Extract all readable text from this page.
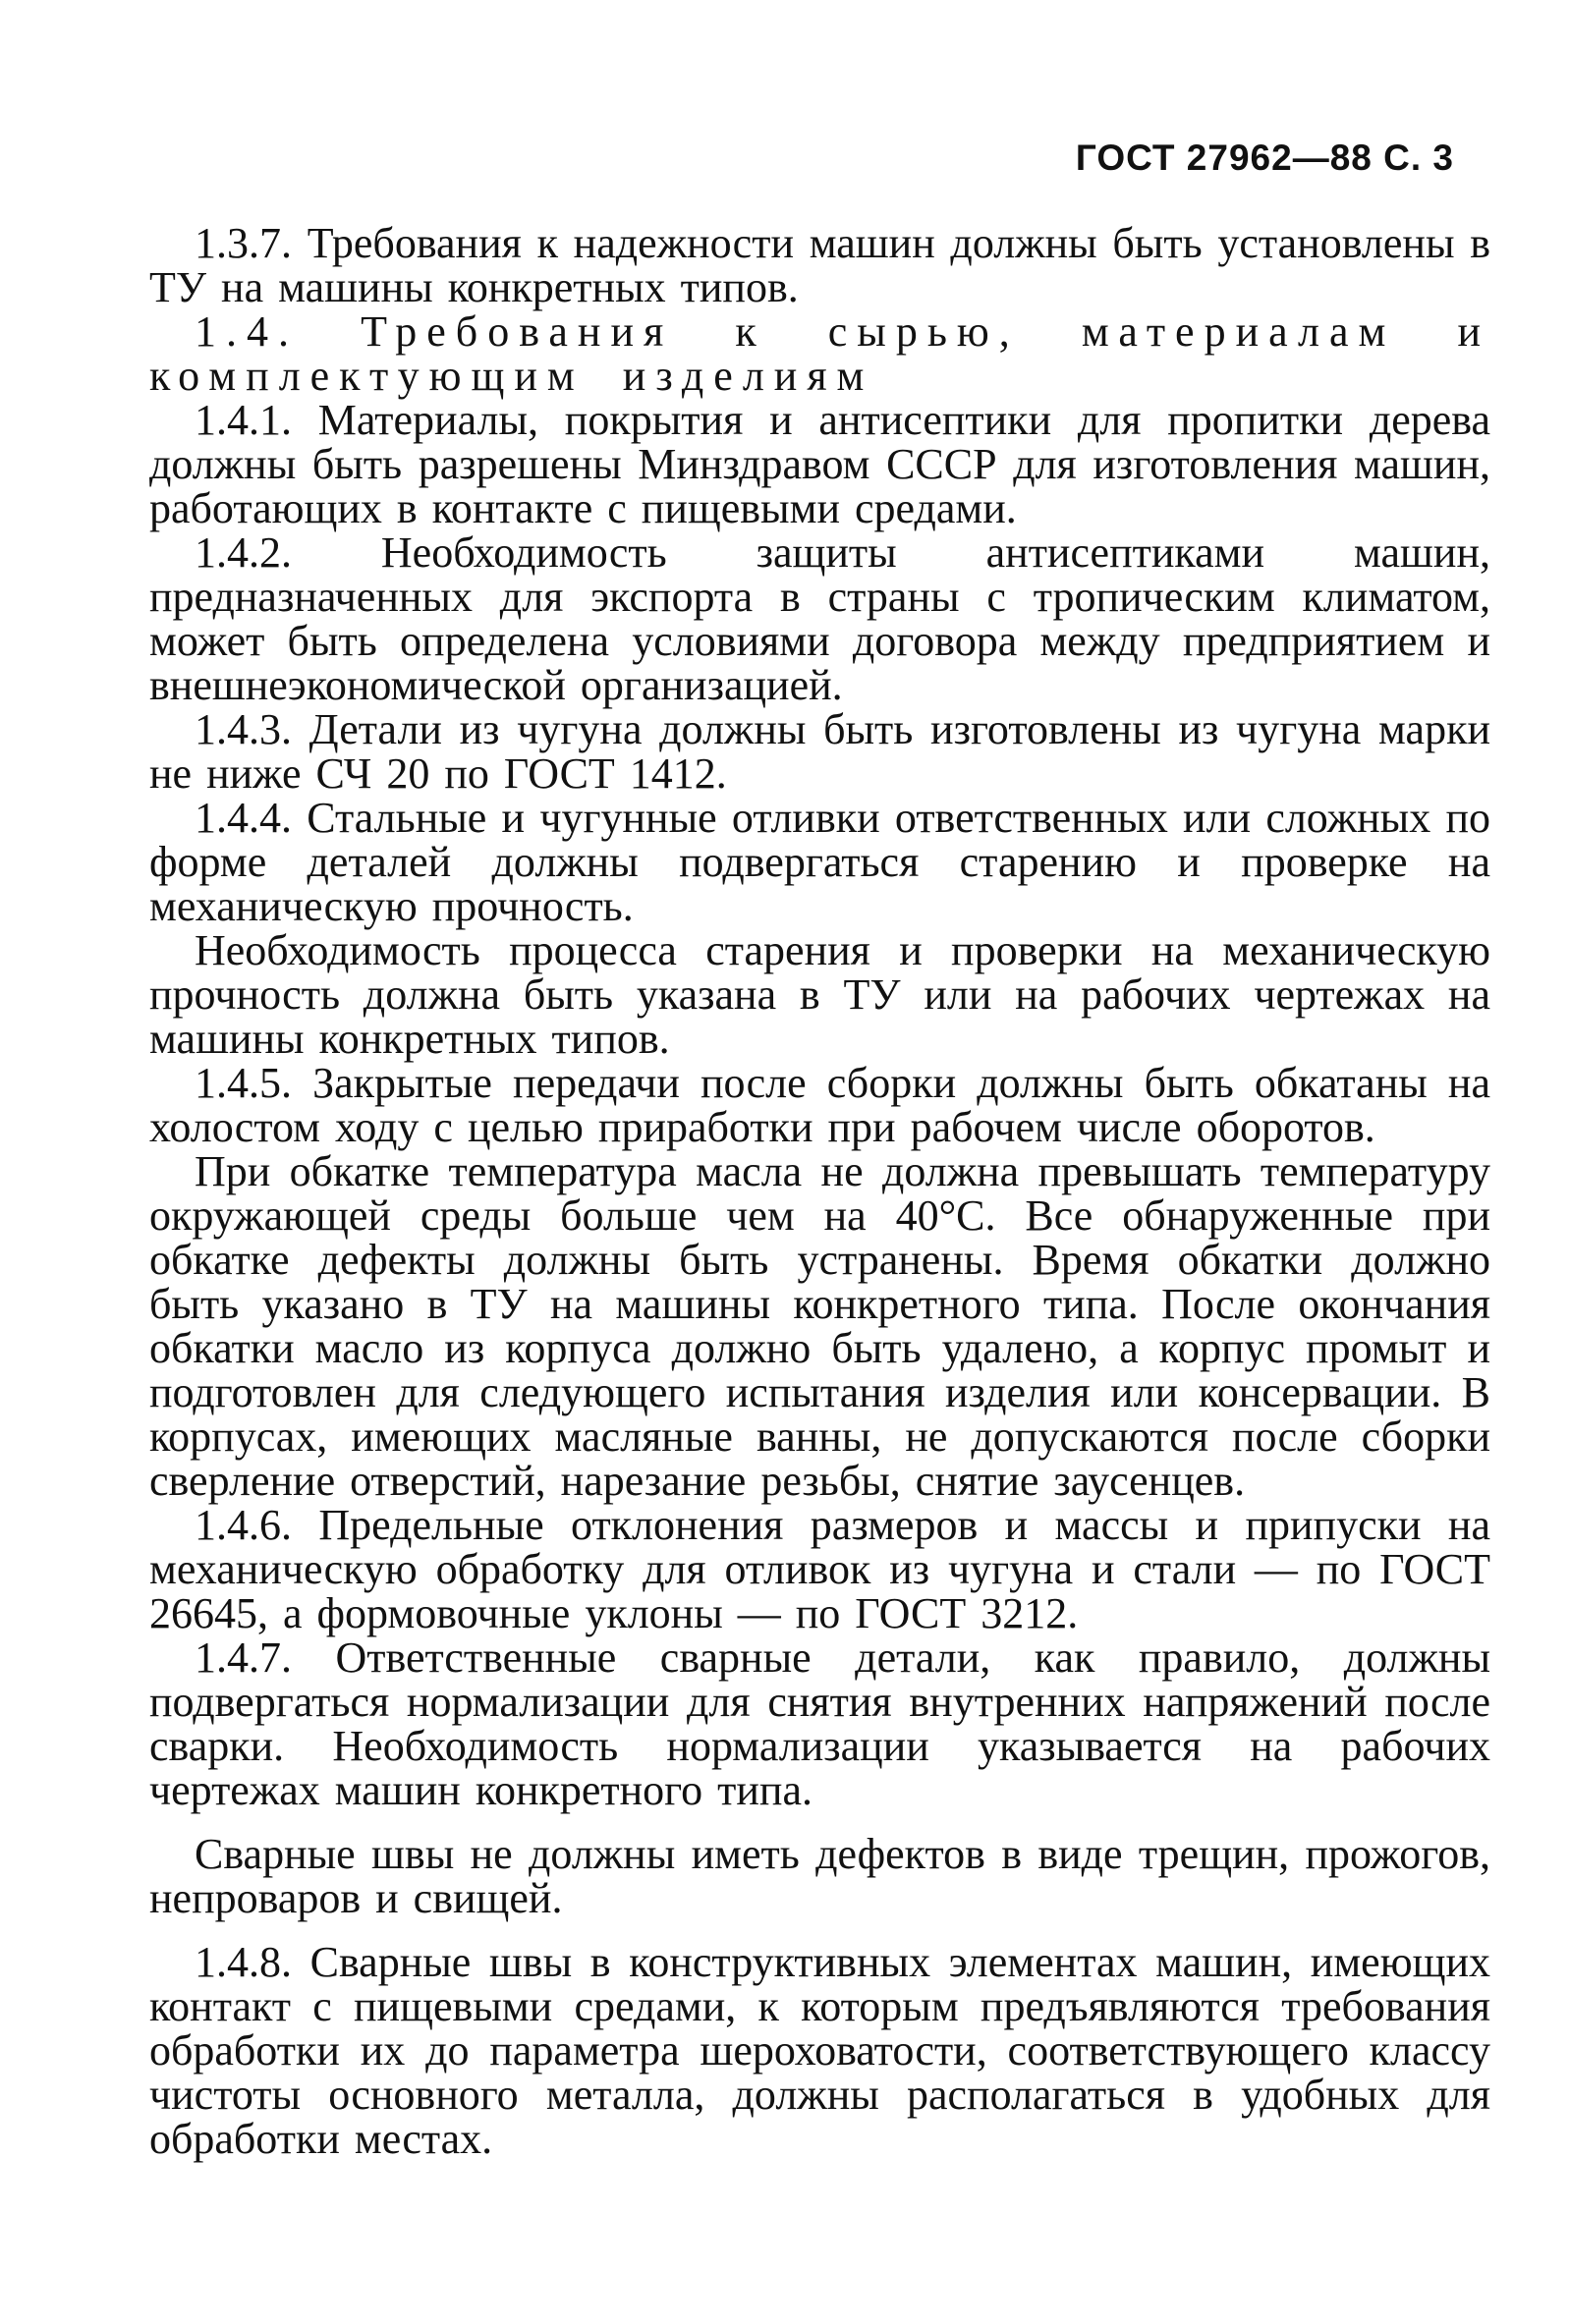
ГОСТ 27962—88 С. 3

1.3.7. Требования к надежности машин должны быть установлены в ТУ на машины конкретных типов.

1.4. Требования к сырью, материалам и комплектующим изделиям

1.4.1. Материалы, покрытия и антисептики для пропитки дерева должны быть разрешены Минздравом СССР для изготовления машин, работающих в контакте с пищевыми средами.

1.4.2. Необходимость защиты антисептиками машин, предназначенных для экспорта в страны с тропическим климатом, может быть определена условиями договора между предприятием и внешнеэкономической организацией.

1.4.3. Детали из чугуна должны быть изготовлены из чугуна марки не ниже СЧ 20 по ГОСТ 1412.

1.4.4. Стальные и чугунные отливки ответственных или сложных по форме деталей должны подвергаться старению и проверке на механическую прочность.

Необходимость процесса старения и проверки на механическую прочность должна быть указана в ТУ или на рабочих чертежах на машины конкретных типов.

1.4.5. Закрытые передачи после сборки должны быть обкатаны на холостом ходу с целью приработки при рабочем числе оборотов.

При обкатке температура масла не должна превышать температуру окружающей среды больше чем на 40°С. Все обнаруженные при обкатке дефекты должны быть устранены. Время обкатки должно быть указано в ТУ на машины конкретного типа. После окончания обкатки масло из корпуса должно быть удалено, а корпус промыт и подготовлен для следующего испытания изделия или консервации. В корпусах, имеющих масляные ванны, не допускаются после сборки сверление отверстий, нарезание резьбы, снятие заусенцев.

1.4.6. Предельные отклонения размеров и массы и припуски на механическую обработку для отливок из чугуна и стали — по ГОСТ 26645, а формовочные уклоны — по ГОСТ 3212.

1.4.7. Ответственные сварные детали, как правило, должны подвергаться нормализации для снятия внутренних напряжений после сварки. Необходимость нормализации указывается на рабочих чертежах машин конкретного типа.

Сварные швы не должны иметь дефектов в виде трещин, прожогов, непроваров и свищей.

1.4.8. Сварные швы в конструктивных элементах машин, имеющих контакт с пищевыми средами, к которым предъявляются требования обработки их до параметра шероховатости, соответствующего классу чистоты основного металла, должны располагаться в удобных для обработки местах.
